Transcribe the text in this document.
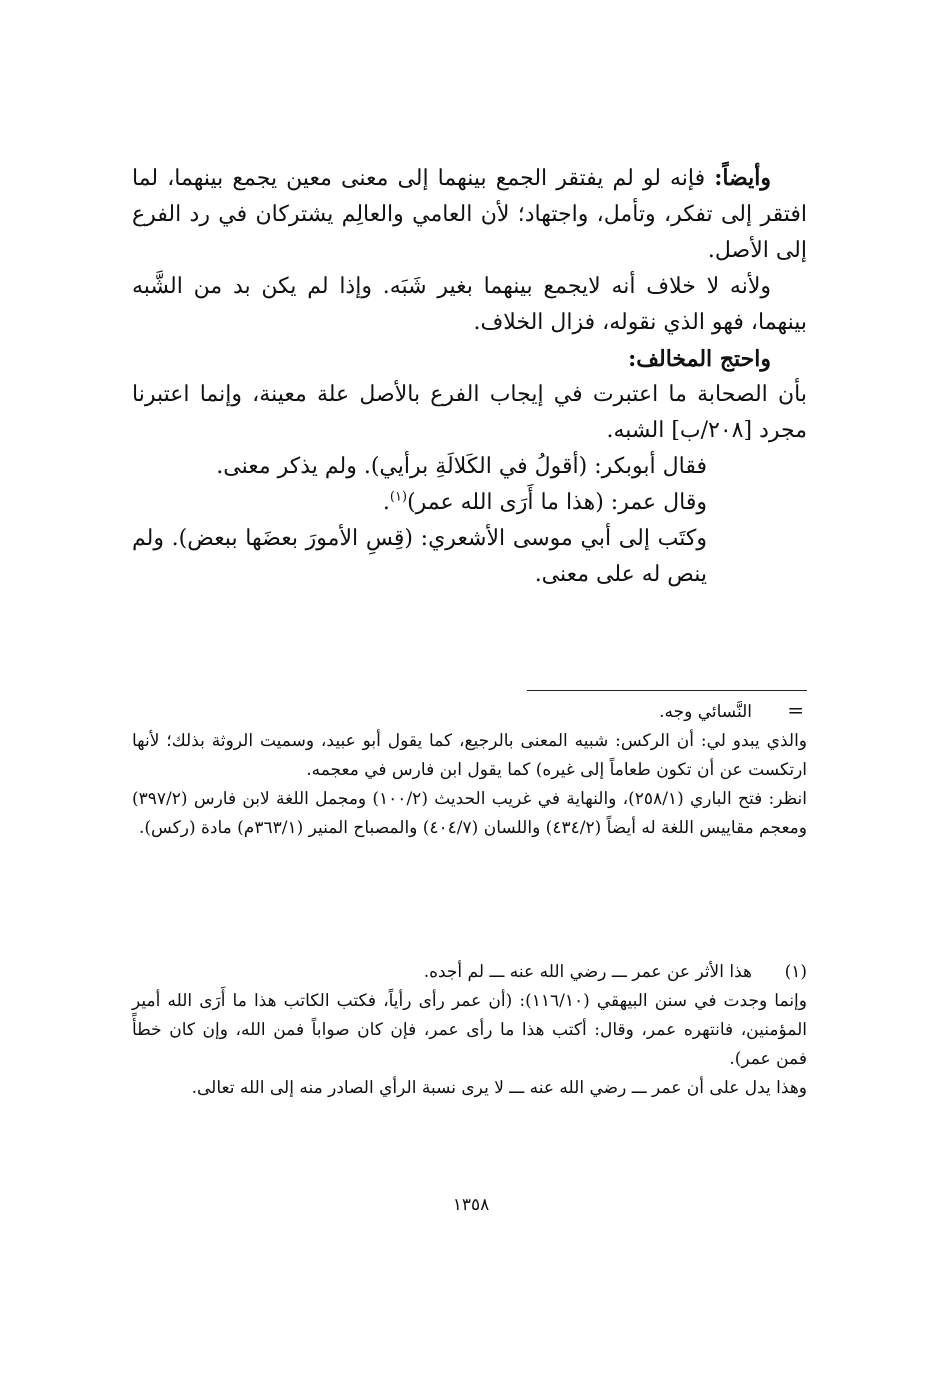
وأيضاً: فإنه لو لم يفتقر الجمع بينهما إلى معنى معين يجمع بينهما، لما افتقر إلى تفكر، وتأمل، واجتهاد؛ لأن العامي والعالِم يشتركان في رد الفرع إلى الأصل.

ولأنه لا خلاف أنه لايجمع بينهما بغير شَبَه. وإذا لم يكن بد من الشَّبه بينهما، فهو الذي نقوله، فزال الخلاف.

واحتج المخالف:

بأن الصحابة ما اعتبرت في إيجاب الفرع بالأصل علة معينة، وإنما اعتبرنا مجرد [٢٠٨/ب] الشبه.

فقال أبوبكر: (أقولُ في الكَلالَةِ برأيي). ولم يذكر معنى.

وقال عمر: (هذا ما أَرَى الله عمر)$^{(١)}$.

وكتَب إلى أبي موسى الأشعري: (قِسِ الأمورَ بعضَها ببعض). ولم ينص له على معنى.

=

النَّسائي وجه.

والذي يبدو لي: أن الركس: شبيه المعنى بالرجيع، كما يقول أبو عبيد، وسميت الروثة بذلك؛ لأنها ارتكست عن أن تكون طعاماً إلى غيره) كما يقول ابن فارس في معجمه.

انظر: فتح الباري (٢٥٨/١)، والنهاية في غريب الحديث (١٠٠/٢) ومجمل اللغة لابن فارس (٣٩٧/٢) ومعجم مقاييس اللغة له أيضاً (٤٣٤/٢) واللسان (٤٠٤/٧) والمصباح المنير (٣٦٣/١م) مادة (ركس).

(١)

هذا الأثر عن عمر ـــ رضي الله عنه ـــ لم أجده.

وإنما وجدت في سنن البيهقي (١١٦/١٠): (أن عمر رأى رأياً، فكتب الكاتب هذا ما أَرَى الله أمير المؤمنين، فانتهره عمر، وقال: أكتب هذا ما رأى عمر، فإن كان صواباً فمن الله، وإن كان خطأً فمن عمر).

وهذا يدل على أن عمر ـــ رضي الله عنه ـــ لا يرى نسبة الرأي الصادر منه إلى الله تعالى.

١٣٥٨
